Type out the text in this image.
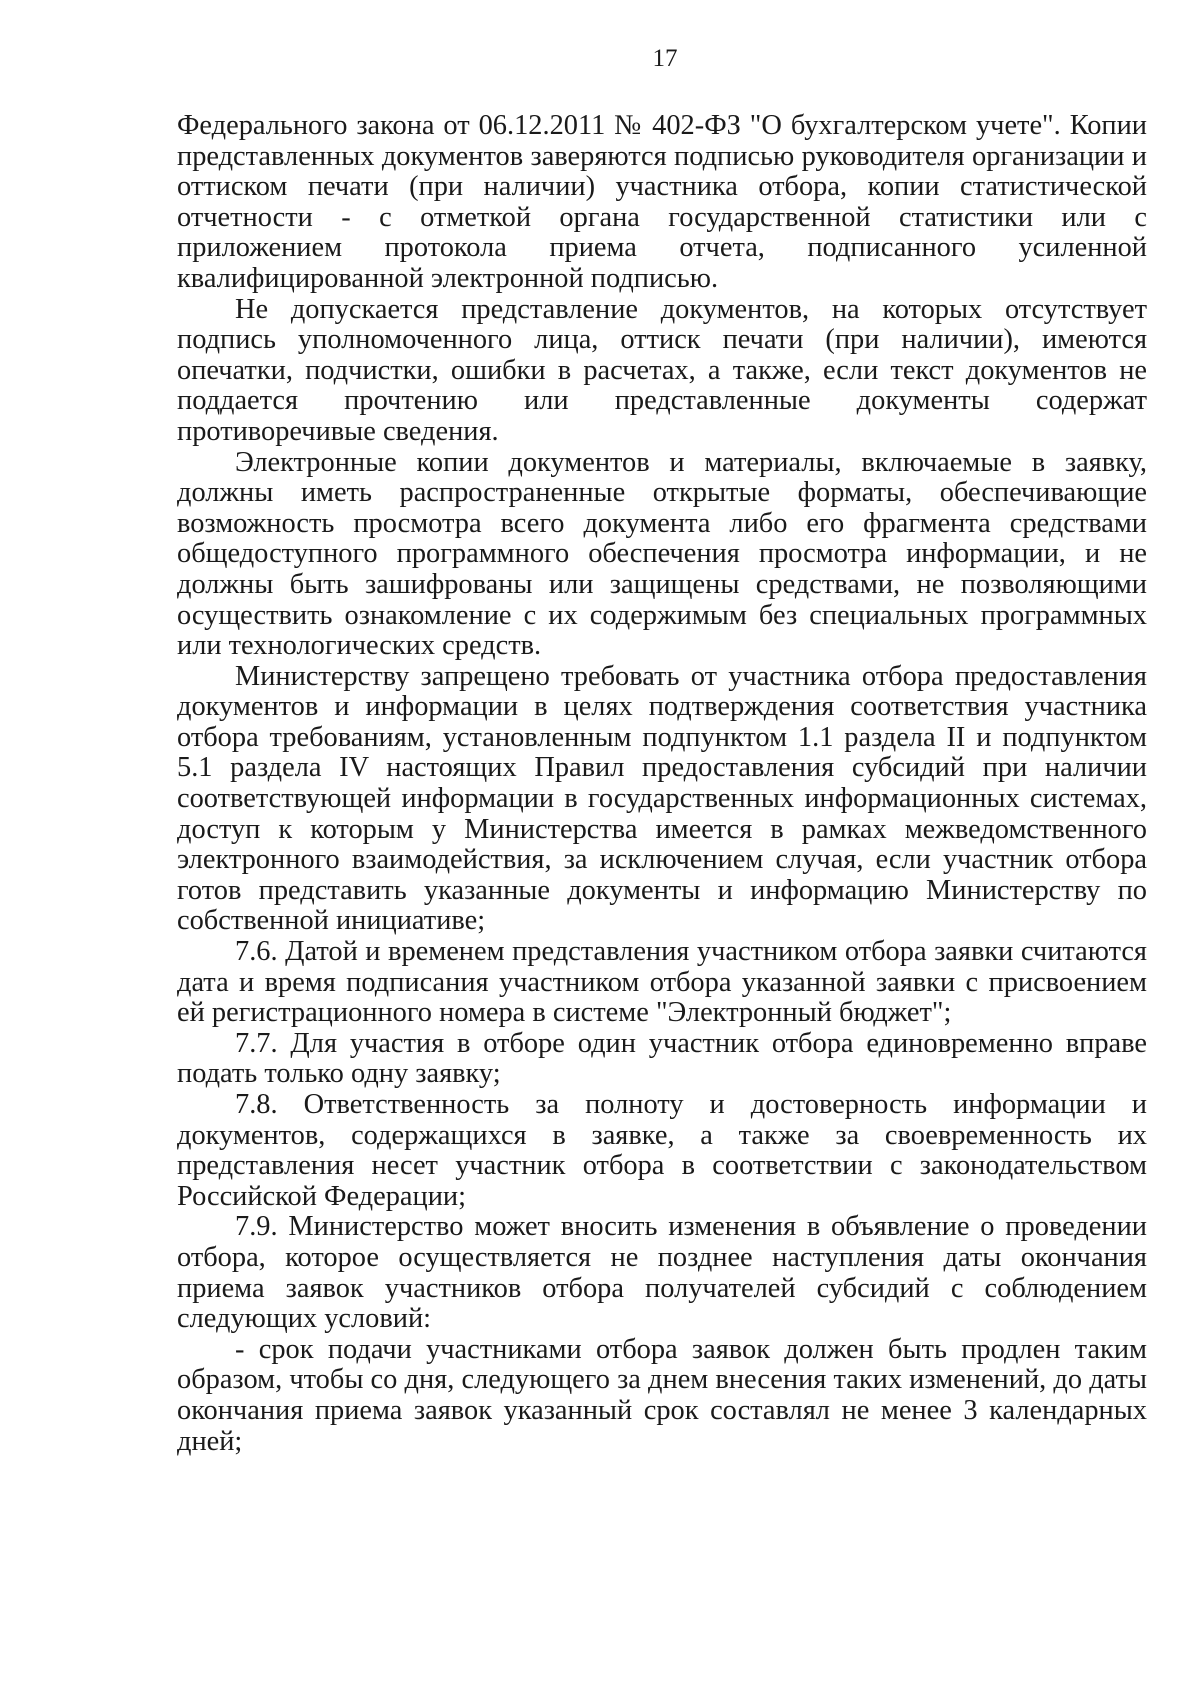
17

Федерального закона от 06.12.2011 № 402-ФЗ "О бухгалтерском учете". Копии представленных документов заверяются подписью руководителя организации и оттиском печати (при наличии) участника отбора, копии статистической отчетности - с отметкой органа государственной статистики или с приложением протокола приема отчета, подписанного усиленной квалифицированной электронной подписью.

Не допускается представление документов, на которых отсутствует подпись уполномоченного лица, оттиск печати (при наличии), имеются опечатки, подчистки, ошибки в расчетах, а также, если текст документов не поддается прочтению или представленные документы содержат противоречивые сведения.

Электронные копии документов и материалы, включаемые в заявку, должны иметь распространенные открытые форматы, обеспечивающие возможность просмотра всего документа либо его фрагмента средствами общедоступного программного обеспечения просмотра информации, и не должны быть зашифрованы или защищены средствами, не позволяющими осуществить ознакомление с их содержимым без специальных программных или технологических средств.

Министерству запрещено требовать от участника отбора предоставления документов и информации в целях подтверждения соответствия участника отбора требованиям, установленным подпунктом 1.1 раздела II и подпунктом 5.1 раздела IV настоящих Правил предоставления субсидий при наличии соответствующей информации в государственных информационных системах, доступ к которым у Министерства имеется в рамках межведомственного электронного взаимодействия, за исключением случая, если участник отбора готов представить указанные документы и информацию Министерству по собственной инициативе;

7.6. Датой и временем представления участником отбора заявки считаются дата и время подписания участником отбора указанной заявки с присвоением ей регистрационного номера в системе "Электронный бюджет";

7.7. Для участия в отборе один участник отбора единовременно вправе подать только одну заявку;

7.8. Ответственность за полноту и достоверность информации и документов, содержащихся в заявке, а также за своевременность их представления несет участник отбора в соответствии с законодательством Российской Федерации;

7.9. Министерство может вносить изменения в объявление о проведении отбора, которое осуществляется не позднее наступления даты окончания приема заявок участников отбора получателей субсидий с соблюдением следующих условий:

- срок подачи участниками отбора заявок должен быть продлен таким образом, чтобы со дня, следующего за днем внесения таких изменений, до даты окончания приема заявок указанный срок составлял не менее 3 календарных дней;
